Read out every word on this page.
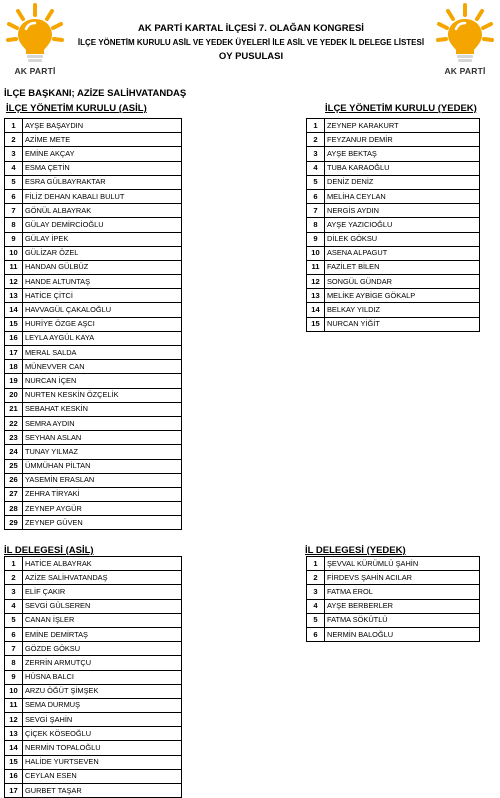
AK PARTİ	AK PARTİ
AK PARTİ KARTAL İLÇESİ 7. OLAĞAN KONGRESİ
İLÇE YÖNETİM KURULU ASİL VE YEDEK ÜYELERİ İLE ASİL VE YEDEK İL DELEGE LİSTESİ
OY PUSULASI
İLÇE BAŞKANI; AZİZE SALİHVATANDAŞ
İLÇE YÖNETİM KURULU (ASİL)	İLÇE YÖNETİM KURULU (YEDEK)
İL DELEGESİ (ASİL)	İL DELEGESİ (YEDEK)
1	AYŞE BAŞAYDIN
2	AZİME METE
3	EMİNE AKÇAY
4	ESMA ÇETİN
5	ESRA GÜLBAYRAKTAR
6	FİLİZ DEHAN KABALI BULUT
7	GÖNÜL ALBAYRAK
8	GÜLAY DEMİRCİOĞLU
9	GÜLAY İPEK
10	GÜLİZAR ÖZEL
11	HANDAN GÜLBÜZ
12	HANDE ALTUNTAŞ
13	HATİCE ÇİTCİ
14	HAVVAGÜL ÇAKALOĞLU
15	HURİYE ÖZGE AŞCI
16	LEYLA AYGÜL KAYA
17	MERAL SALDA
18	MÜNEVVER CAN
19	NURCAN İÇEN
20	NURTEN KESKİN ÖZÇELİK
21	SEBAHAT KESKİN
22	SEMRA AYDIN
23	SEYHAN ASLAN
24	TUNAY YILMAZ
25	ÜMMÜHAN PİLTAN
26	YASEMİN ERASLAN
27	ZEHRA TİRYAKİ
28	ZEYNEP AYGÜR
29	ZEYNEP GÜVEN
1	ZEYNEP KARAKURT
2	FEYZANUR DEMİR
3	AYŞE BEKTAŞ
4	TUBA KARAOĞLU
5	DENİZ DENİZ
6	MELİHA CEYLAN
7	NERGİS AYDIN
8	AYŞE YAZICIOĞLU
9	DİLEK GÖKSU
10	ASENA ALPAGUT
11	FAZİLET BİLEN
12	SONGÜL GÜNDAR
13	MELİKE AYBİGE GÖKALP
14	BELKAY YILDIZ
15	NURCAN YİĞİT
1	HATİCE ALBAYRAK
2	AZİZE SALİHVATANDAŞ
3	ELİF ÇAKIR
4	SEVGİ GÜLSEREN
5	CANAN İŞLER
6	EMİNE DEMİRTAŞ
7	GÖZDE GÖKSU
8	ZERRİN ARMUTÇU
9	HÜSNA BALCI
10	ARZU ÖĞÜT ŞİMŞEK
11	SEMA DURMUŞ
12	SEVGİ ŞAHİN
13	ÇİÇEK KÖSEOĞLU
14	NERMİN TOPALOĞLU
15	HALİDE YURTSEVEN
16	CEYLAN ESEN
17	GURBET TAŞAR
1	ŞEVVAL KÜRÜMLÜ ŞAHİN
2	FİRDEVS ŞAHİN ACILAR
3	FATMA EROL
4	AYŞE BERBERLER
5	FATMA SÖKÜTLÜ
6	NERMİN BALOĞLU
